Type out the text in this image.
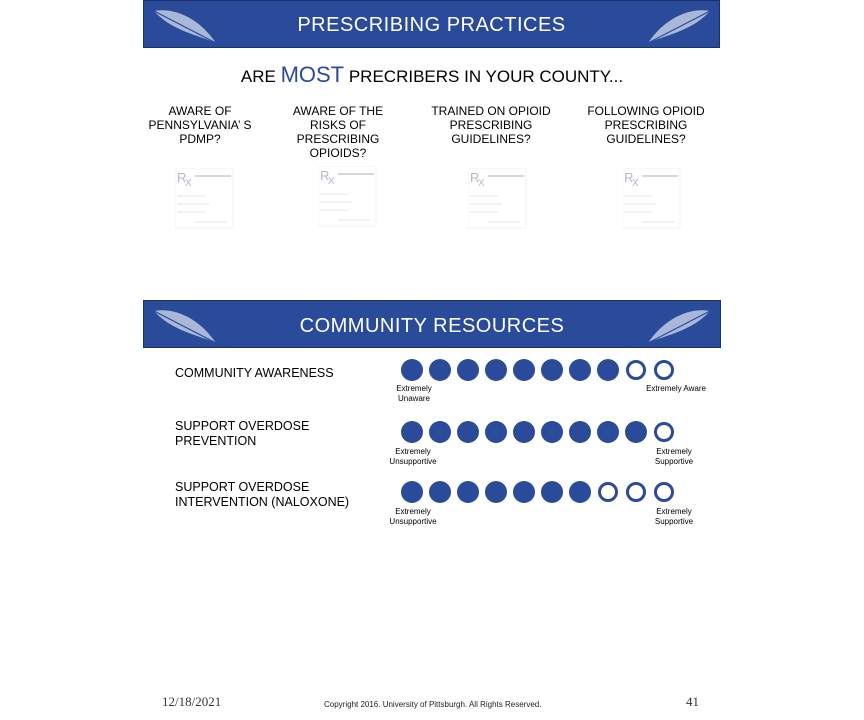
PRESCRIBING PRACTICES
ARE MOST PRECRIBERS IN YOUR COUNTY...
AWARE OF PENNSYLVANIA’ S PDMP?
AWARE OF THE RISKS OF PRESCRIBING OPIOIDS?
TRAINED ON OPIOID PRESCRIBING GUIDELINES?
FOLLOWING OPIOID PRESCRIBING GUIDELINES?
R
X
R
X	R
X	R
X
COMMUNITY RESOURCES
COMMUNITY AWARENESS
Extremely Unaware
Extremely Aware
SUPPORT OVERDOSE PREVENTION
Extremely Unsupportive
Extremely Supportive
SUPPORT OVERDOSE INTERVENTION (NALOXONE)
Extremely Unsupportive
Extremely Supportive
12/18/2021	Copyright 2016. University of Pittsburgh. All Rights Reserved.	41
